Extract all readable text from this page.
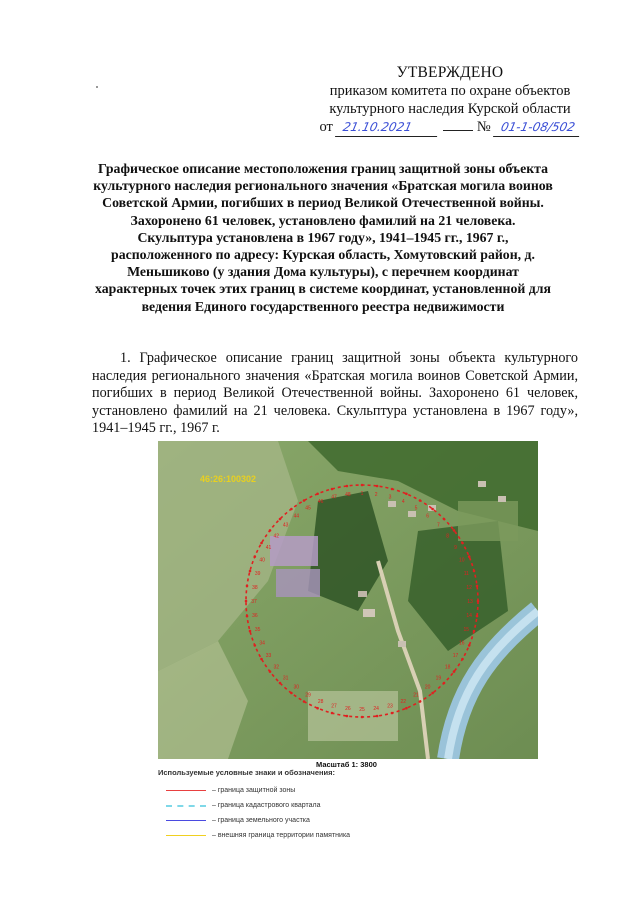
УТВЕРЖДЕНО
приказом комитета по охране объектов
культурного наследия Курской области
от 21.10.2021	№ 01-1-08/502
Графическое описание местоположения границ защитной зоны объекта культурного наследия регионального значения «Братская могила воинов Советской Армии, погибших в период Великой Отечественной войны. Захоронено 61 человек, установлено фамилий на 21 человека. Скульптура установлена в 1967 году», 1941–1945 гг., 1967 г., расположенного по адресу: Курская область, Хомутовский район, д. Меньшиково (у здания Дома культуры), с перечнем координат характерных точек этих границ в системе координат, установленной для ведения Единого государственного реестра недвижимости
1. Графическое описание границ защитной зоны объекта культурного наследия регионального значения «Братская могила воинов Советской Армии, погибших в период Великой Отечественной войны. Захоронено 61 человек, установлено фамилий на 21 человека. Скульптура установлена в 1967 году», 1941–1945 гг., 1967 г.
1 2 3
4
5
6
7
8
9
10
11
12
13
14
15
16
17
18
19
20
21
22
23
24
25
26
27
28
29
30
31
32
33
34
35
36
37
38
39
40
41
42
43
44
45
46
47 48
46:26:100302
Масштаб 1: 3800
Используемые условные знаки и обозначения:
– граница защитной зоны
– граница кадастрового квартала
– граница земельного участка
– внешняя граница территории памятника
